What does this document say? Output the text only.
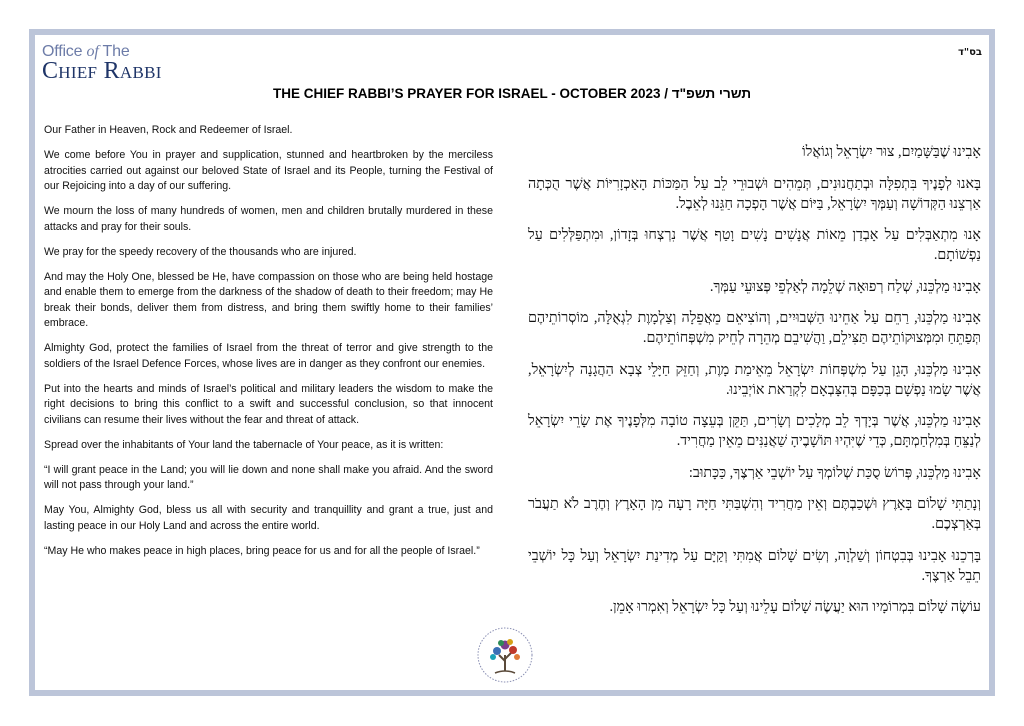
Office of The
Chief Rabbi
בס"ד
THE CHIEF RABBI’S PRAYER FOR ISRAEL - OCTOBER 2023 / תשרי תשפ"ד

Our Father in Heaven, Rock and Redeemer of Israel.

We come before You in prayer and supplication, stunned and heartbroken by the merciless atrocities carried out against our beloved State of Israel and its People, turning the Festival of our Rejoicing into a day of our suffering.

We mourn the loss of many hundreds of women, men and children brutally murdered in these attacks and pray for their souls.

We pray for the speedy recovery of the thousands who are injured.

And may the Holy One, blessed be He, have compassion on those who are being held hostage and enable them to emerge from the darkness of the shadow of death to their freedom; may He break their bonds, deliver them from distress, and bring them swiftly home to their families’ embrace.

Almighty God, protect the families of Israel from the threat of terror and give strength to the soldiers of the Israel Defence Forces, whose lives are in danger as they confront our enemies.

Put into the hearts and minds of Israel’s political and military leaders the wisdom to make the right decisions to bring this conflict to a swift and successful conclusion, so that innocent civilians can resume their lives without the fear and threat of attack.

Spread over the inhabitants of Your land the tabernacle of Your peace, as it is written:

“I will grant peace in the Land; you will lie down and none shall make you afraid. And the sword will not pass through your land.”

May You, Almighty God, bless us all with security and tranquillity and grant a true, just and lasting peace in our Holy Land and across the entire world.

“May He who makes peace in high places, bring peace for us and for all the people of Israel.”

אָבִינוּ שֶׁבַּשָּׁמַיִם, צוּר יִשְׂרָאֵל וְגוֹאֲלוֹ

בָּאנוּ לְפָנֶיךָ בִּתְפִלָּה וּבְתַחֲנוּנִים, תְּמֵהִים וּשְׁבוּרֵי לֵב עַל הַמַּכּוֹת הָאַכְזָרִיּוֹת אֲשֶׁר הֻכְּתָה אַרְצֵנוּ הַקְּדוֹשָׁה וְעַמְּךָ יִשְׂרָאֵל, בַּיּוֹם אֲשֶׁר הָפְכָה חַגֵּנוּ לְאֵבֶל.

אָנוּ מִתְאַבְּלִים עַל אָבְדַן מֵאוֹת אֲנָשִׁים נָשִׁים וָטַף אֲשֶׁר נִרְצְחוּ בְּזָדוֹן, וּמִתְפַּלְּלִים עַל נַפְשׁוֹתָם.

אָבִינוּ מַלְכֵּנוּ, שְׁלַח רְפוּאָה שְׁלֵמָה לְאַלְפֵי פְּצוּעֵי עַמְּךָ.

אָבִינוּ מַלְכֵּנוּ, רַחֵם עַל אַחֵינוּ הַשְּׁבוּיִים, וְהוֹצִיאֵם מֵאֲפֵלָה וְצַלְמָוֶת לִגְאֻלָּה, מוֹסְרוֹתֵיהֶם תְּפַתֵּחַ וּמִמְּצוּקוֹתֵיהֶם תַּצִּילֵם, וַהֲשִׁיבֵם מְהֵרָה לְחֵיק מִשְׁפְּחוֹתֵיהֶם.

אָבִינוּ מַלְכֵּנוּ, הָגֵן עַל מִשְׁפְּחוֹת יִשְׂרָאֵל מֵאֵימַת מָוֶת, וְחַזֵּק חַיָּלֵי צְבָא הַהֲגָנָה לְיִשְׂרָאֵל, אֲשֶׁר שָׂמוּ נַפְשָׁם בְּכַפָּם בְּהִצָּבְאָם לִקְרַאת אוֹיְבֵינוּ.

אָבִינוּ מַלְכֵּנוּ, אֲשֶׁר בְּיָדְךָ לֵב מְלָכִים וְשָׂרִים, תַּקֵּן בְּעֵצָה טוֹבָה מִלְּפָנֶיךָ אֶת שָׂרֵי יִשְׂרָאֵל לְנַצֵּחַ בְּמִלְחַמְתָּם, כְּדֵי שֶׁיִּהְיוּ תּוֹשָׁבֶיהָ שַׁאֲנַנִּים מֵאֵין מַחֲרִיד.

אָבִינוּ מַלְכֵּנוּ, פְּרוֹשׂ סֻכַּת שְׁלוֹמְךָ עַל יוֹשְׁבֵי אַרְצֶךָ, כַּכָּתוּב:

וְנָתַתִּי שָׁלוֹם בָּאָרֶץ וּשְׁכַבְתֶּם וְאֵין מַחֲרִיד וְהִשְׁבַּתִּי חַיָּה רָעָה מִן הָאָרֶץ וְחֶרֶב לֹא תַעֲבֹר בְּאַרְצְכֶם.

בָּרְכֵנוּ אָבִינוּ בְּבִטְחוֹן וְשַׁלְוָה, וְשִׂים שָׁלוֹם אֲמִתִּי וְקַיָּם עַל מְדִינַת יִשְׂרָאֵל וְעַל כָּל יוֹשְׁבֵי תֵבֵל אַרְצֶךָ.

עוֹשֶׂה שָׁלוֹם בִּמְרוֹמָיו הוּא יַעֲשֶׂה שָׁלוֹם עָלֵינוּ וְעַל כָּל יִשְׂרָאֵל וְאִמְרוּ אָמֵן.
